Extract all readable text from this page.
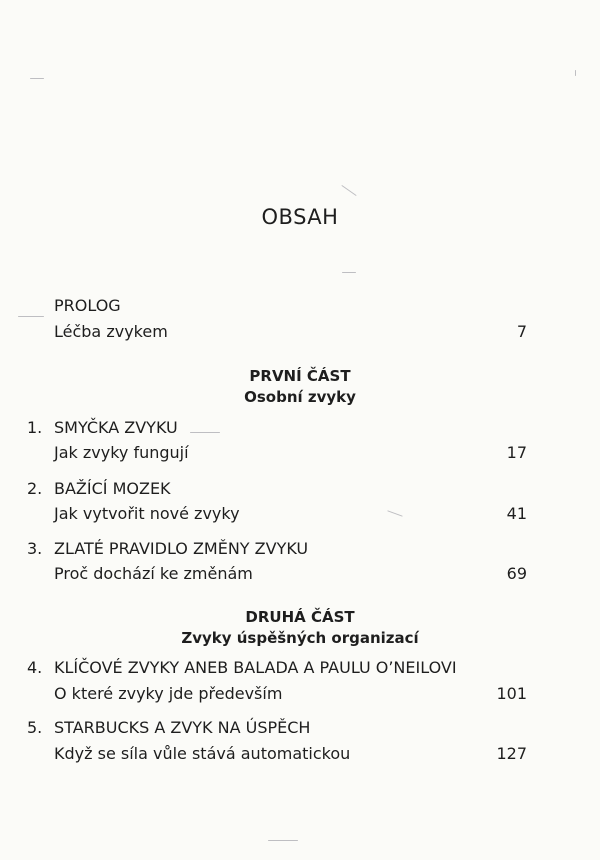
OBSAH
PROLOG
Léčba zvykem	7
PRVNÍ ČÁST
Osobní zvyky
1. SMYČKA ZVYKU
Jak zvyky fungují	17
2. BAŽÍCÍ MOZEK
Jak vytvořit nové zvyky	41
3. ZLATÉ PRAVIDLO ZMĚNY ZVYKU
Proč dochází ke změnám	69
DRUHÁ ČÁST
Zvyky úspěšných organizací
4. KLÍČOVÉ ZVYKY ANEB BALADA A PAULU O’NEILOVI
O které zvyky jde především	101
5. STARBUCKS A ZVYK NA ÚSPĚCH
Když se síla vůle stává automatickou	127
